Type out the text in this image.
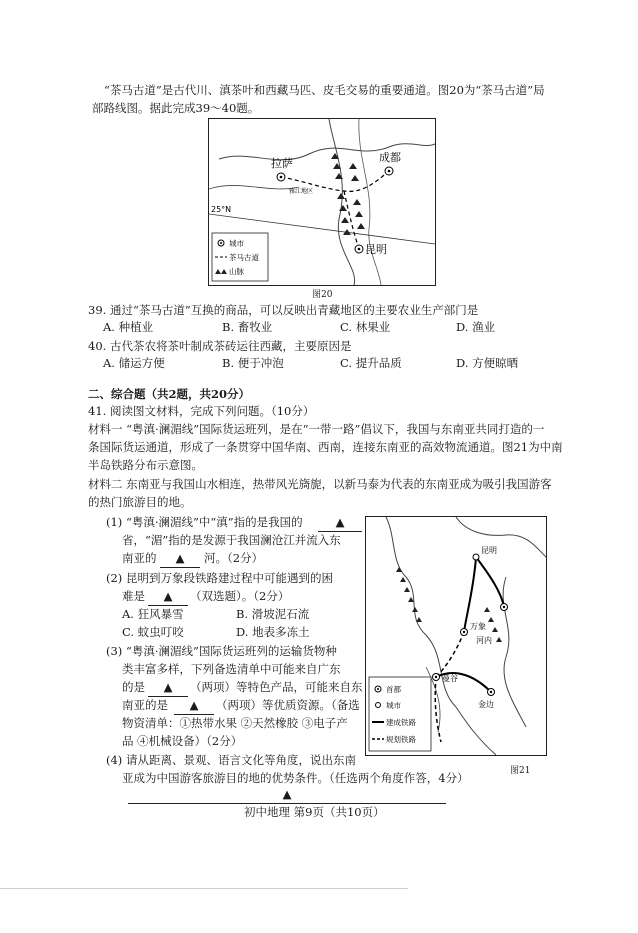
“茶马古道”是古代川、滇茶叶和西藏马匹、皮毛交易的重要通道。图20为“茶马古道”局
部路线图。据此完成39～40题。
拉萨	成都
昆明
雅江地区
25°N
城市
茶马古道
山脉
图20
39. 通过“茶马古道”互换的商品，可以反映出青藏地区的主要农业生产部门是
A. 种植业	B. 畜牧业	C. 林果业	D. 渔业
40. 古代茶农将茶叶制成茶砖运往西藏，主要原因是
A. 储运方便	B. 便于冲泡	C. 提升品质	D. 方便晾晒
二、综合题（共2题，共20分）
41. 阅读图文材料，完成下列问题。（10分）
材料一 “粤滇·澜湄线”国际货运班列，是在“一带一路”倡议下，我国与东南亚共同打造的一
条国际货运通道，形成了一条贯穿中国华南、西南，连接东南亚的高效物流通道。图21为中南
半岛铁路分布示意图。
材料二 东南亚与我国山水相连，热带风光旖旎，以新马泰为代表的东南亚成为吸引我国游客
的热门旅游目的地。
(1) “粤滇·澜湄线”中“滇”指的是我国的	▲
省，“湄”指的是发源于我国澜沧江并流入东
南亚的	▲	河。（2分）
(2) 昆明到万象段铁路建过程中可能遇到的困
难是	▲	（双选题）。（2分）
A. 狂风暴雪	B. 滑坡泥石流
C. 蚊虫叮咬	D. 地表多冻土
(3) “粤滇·澜湄线”国际货运班列的运输货物种
类丰富多样，下列备选清单中可能来自广东
的是	▲	（两项）等特色产品，可能来自东
南亚的是	▲	（两项）等优质资源。（备选
物资清单：①热带水果 ②天然橡胶 ③电子产
品 ④机械设备）（2分）
(4) 请从距离、景观、语言文化等角度，说出东南
亚成为中国游客旅游目的地的优势条件。（任选两个角度作答，4分）
▲
昆明
万象
河内
曼谷
金边
首都
城市
建成铁路
规划铁路
图21
初中地理 第9页（共10页）
